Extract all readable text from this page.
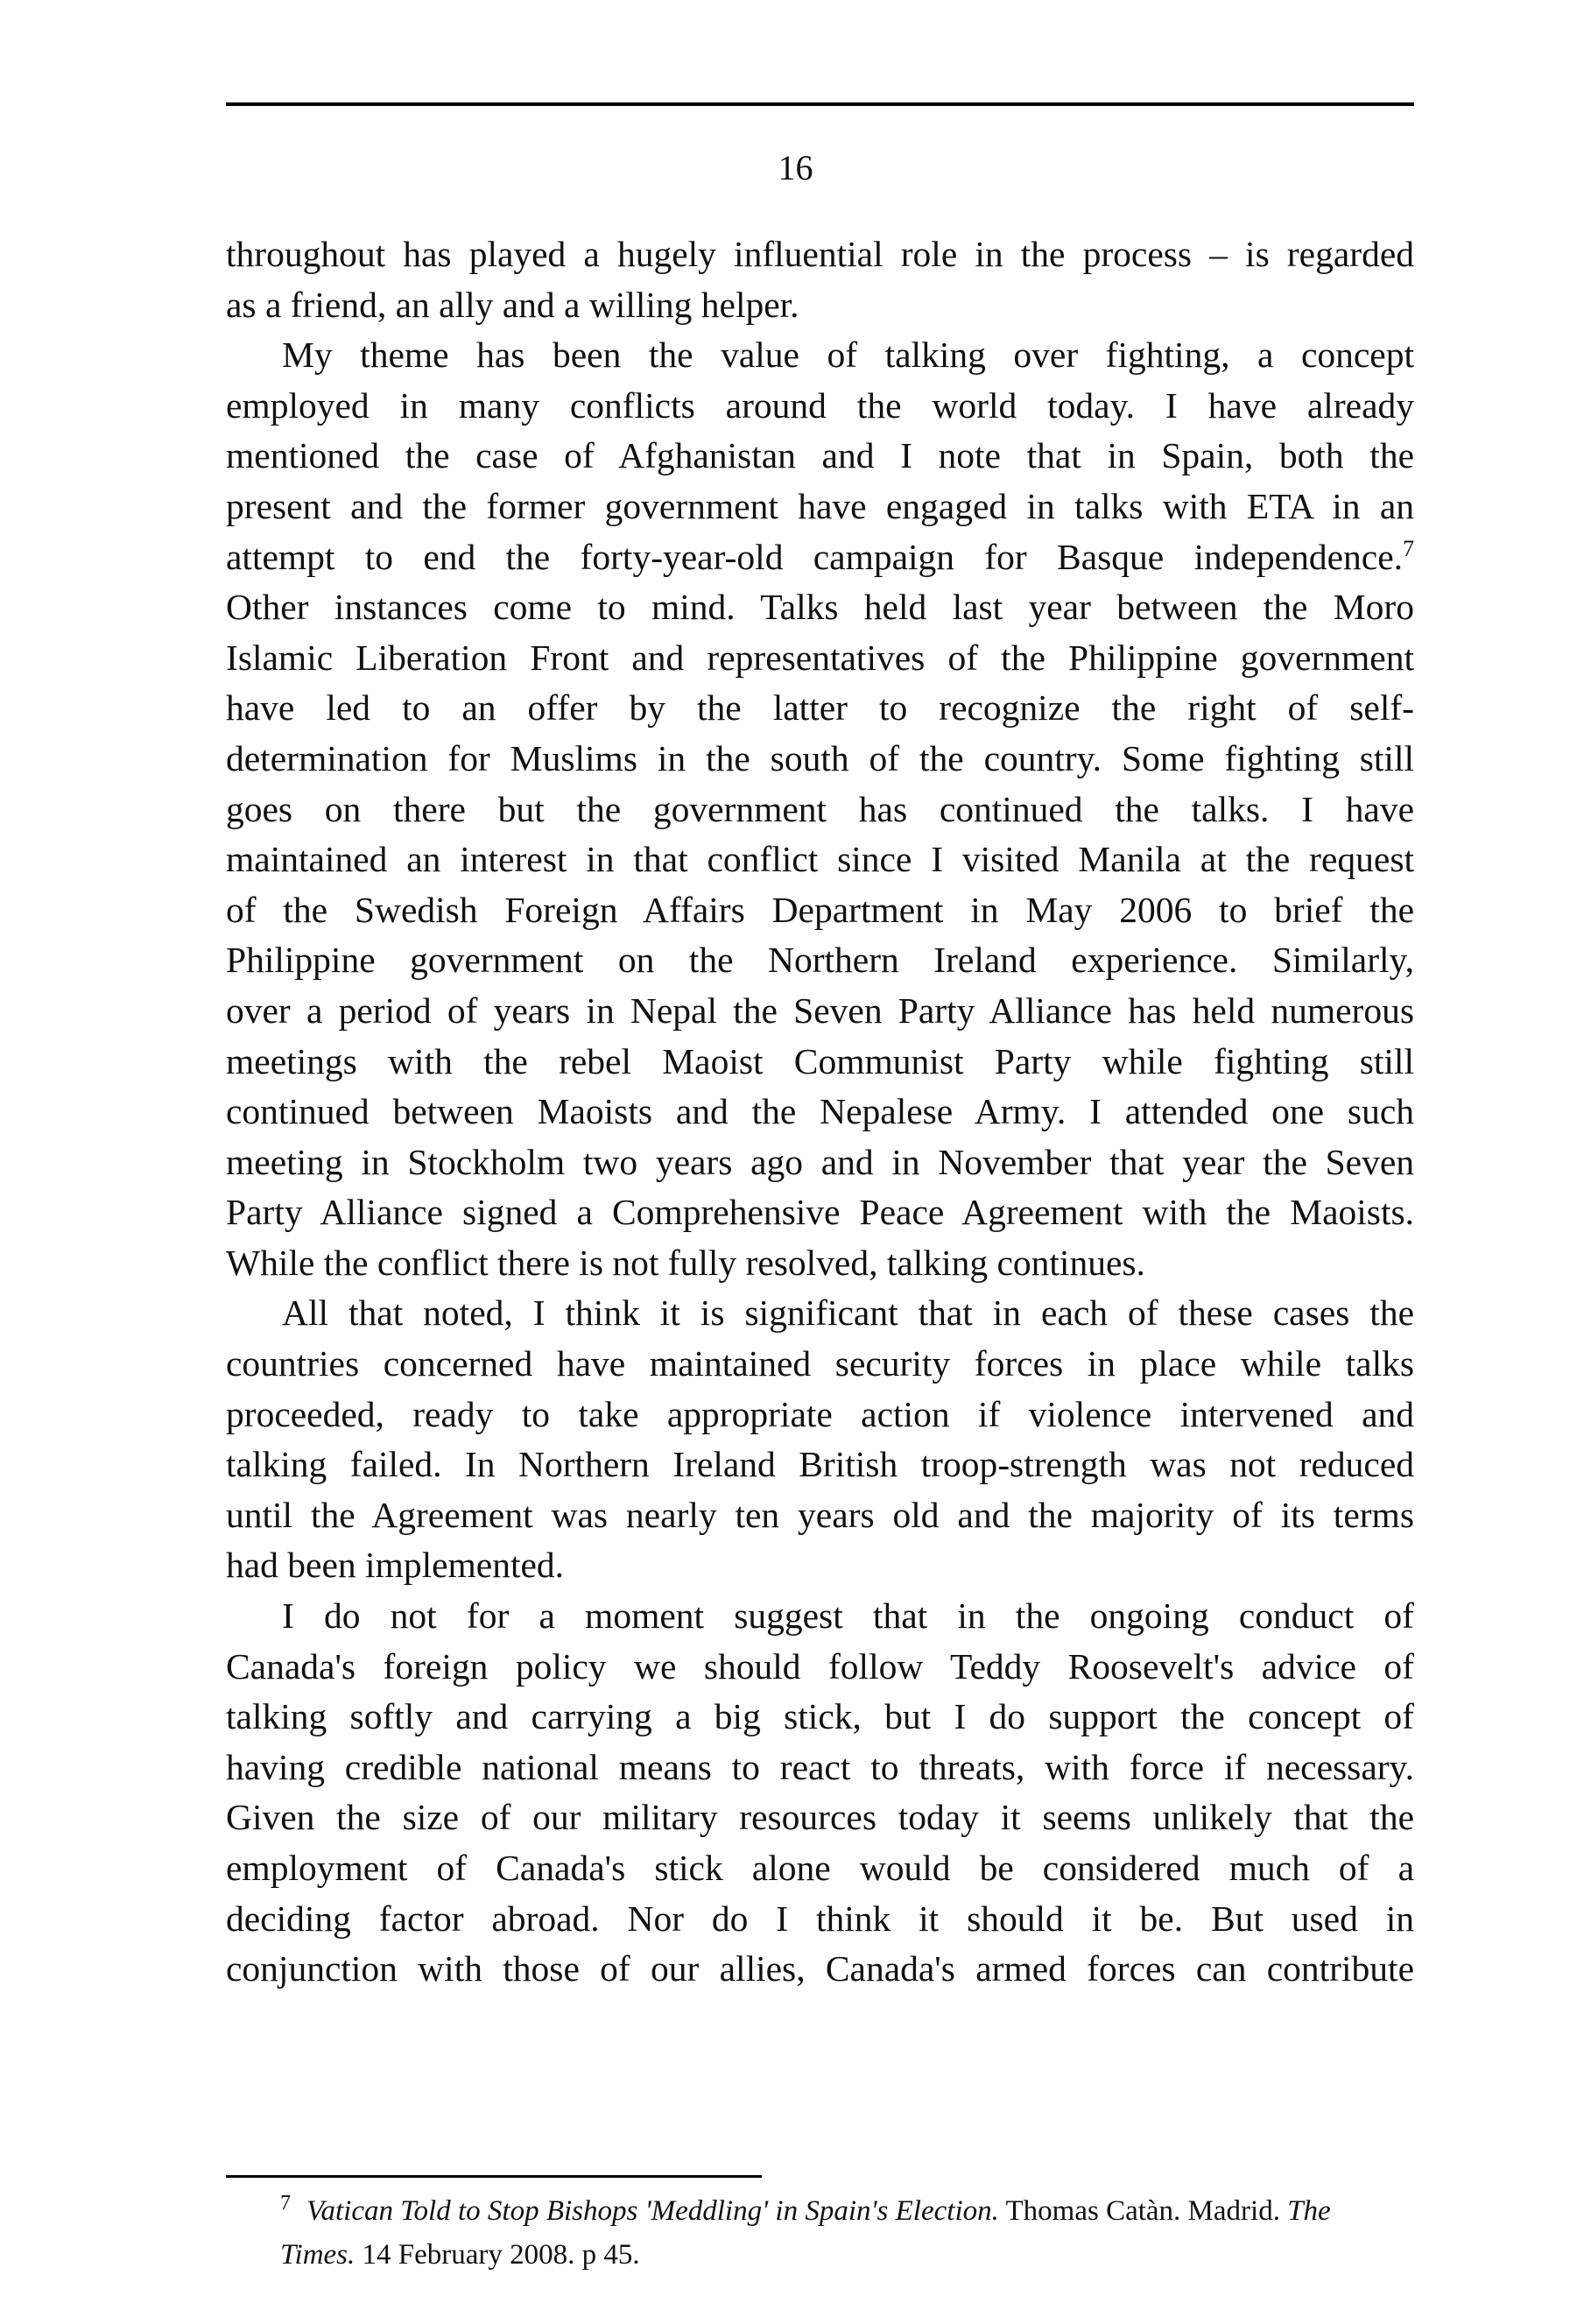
16
throughout has played a hugely influential role in the process – is regarded
as a friend, an ally and a willing helper.
My theme has been the value of talking over fighting, a concept
employed in many conflicts around the world today. I have already
mentioned the case of Afghanistan and I note that in Spain, both the
present and the former government have engaged in talks with ETA in an
attempt to end the forty-year-old campaign for Basque independence.$^7$
Other instances come to mind. Talks held last year between the Moro
Islamic Liberation Front and representatives of the Philippine government
have led to an offer by the latter to recognize the right of self-
determination for Muslims in the south of the country. Some fighting still
goes on there but the government has continued the talks. I have
maintained an interest in that conflict since I visited Manila at the request
of the Swedish Foreign Affairs Department in May 2006 to brief the
Philippine government on the Northern Ireland experience. Similarly,
over a period of years in Nepal the Seven Party Alliance has held numerous
meetings with the rebel Maoist Communist Party while fighting still
continued between Maoists and the Nepalese Army. I attended one such
meeting in Stockholm two years ago and in November that year the Seven
Party Alliance signed a Comprehensive Peace Agreement with the Maoists.
While the conflict there is not fully resolved, talking continues.
All that noted, I think it is significant that in each of these cases the
countries concerned have maintained security forces in place while talks
proceeded, ready to take appropriate action if violence intervened and
talking failed. In Northern Ireland British troop-strength was not reduced
until the Agreement was nearly ten years old and the majority of its terms
had been implemented.
I do not for a moment suggest that in the ongoing conduct of
Canada's foreign policy we should follow Teddy Roosevelt's advice of
talking softly and carrying a big stick, but I do support the concept of
having credible national means to react to threats, with force if necessary.
Given the size of our military resources today it seems unlikely that the
employment of Canada's stick alone would be considered much of a
deciding factor abroad. Nor do I think it should it be. But used in
conjunction with those of our allies, Canada's armed forces can contribute

$^7$ Vatican Told to Stop Bishops 'Meddling' in Spain's Election. Thomas Catàn. Madrid. The

Times. 14 February 2008. p 45.
